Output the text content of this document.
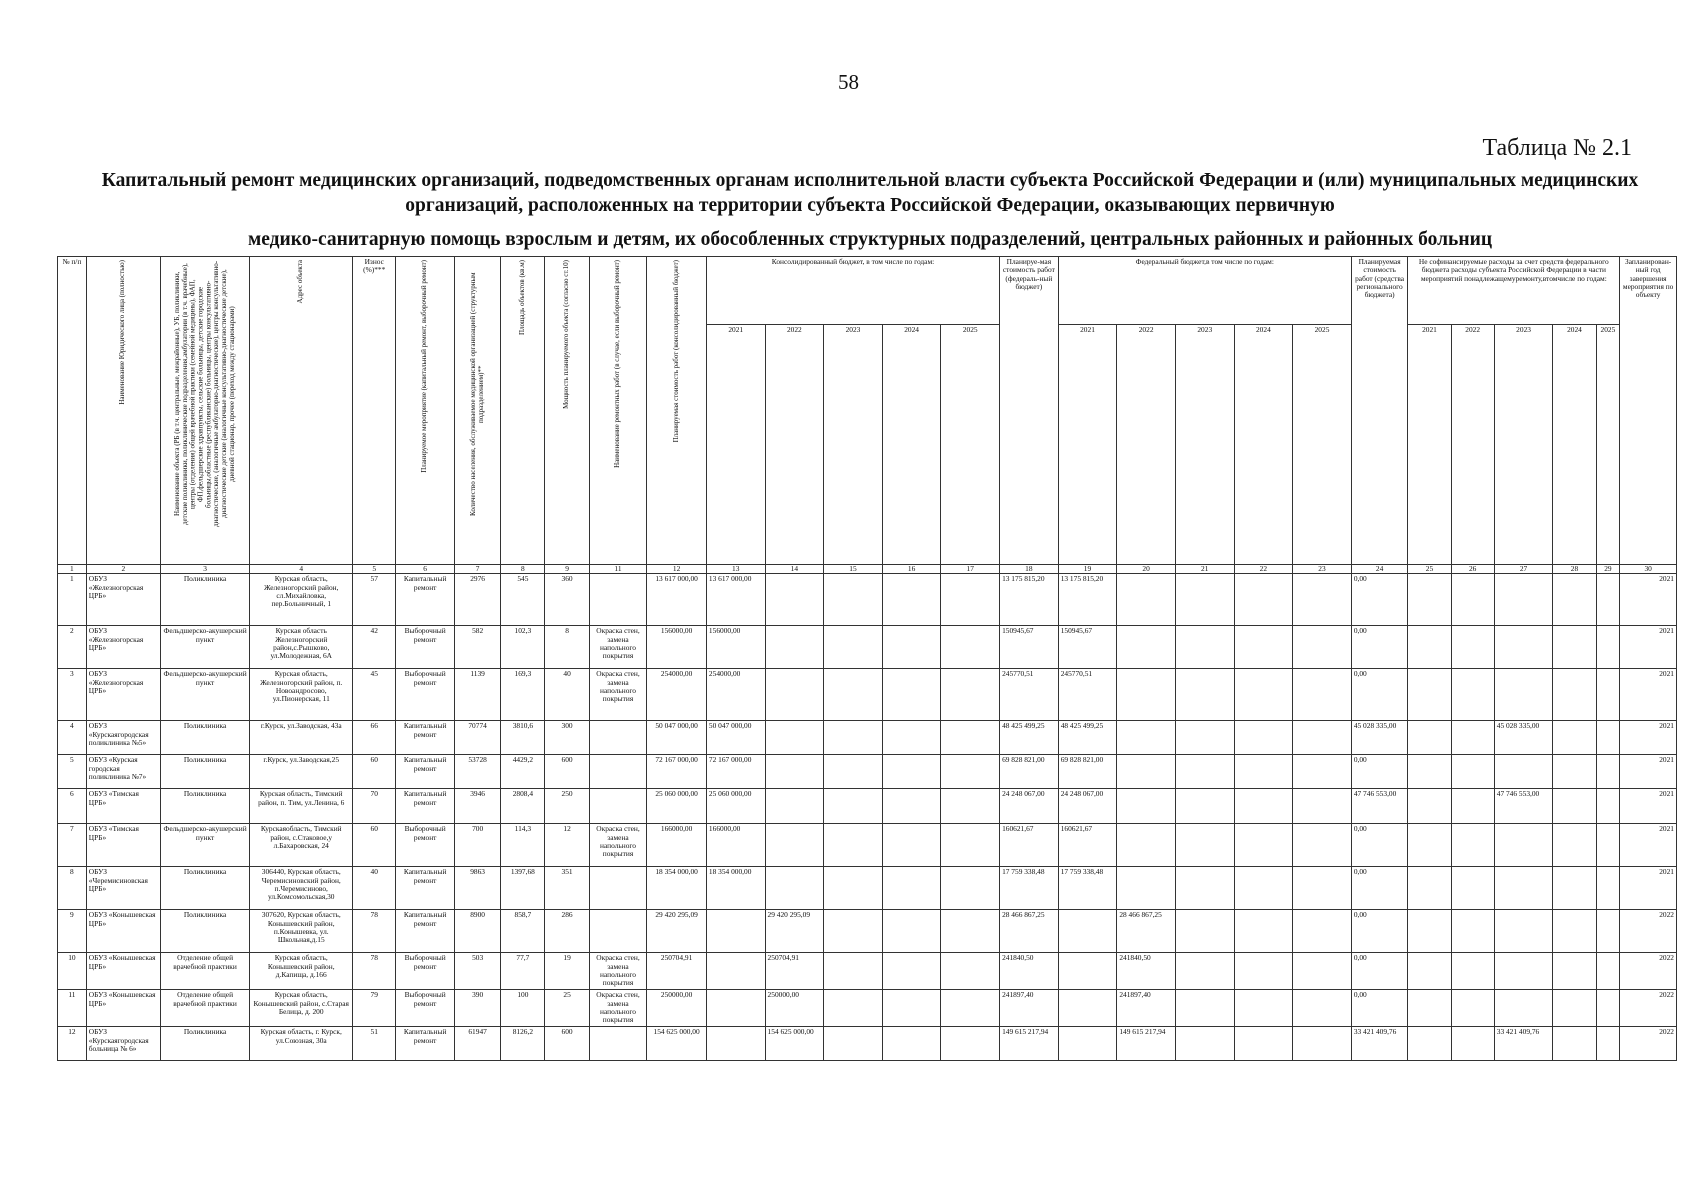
58
Таблица № 2.1
Капитальный ремонт медицинских организаций, подведомственных органам исполнительной власти субъекта Российской Федерации и (или) муниципальных медицинских
организаций, расположенных на территории субъекта Российской Федерации, оказывающих первичную
медико-санитарную помощь взрослым и детям, их обособленных структурных подразделений, центральных районных и районных больниц
№ п/п	Наименование Юридического лица (полностью)	Наименование объекта (РБ (в т.ч. центральные, межрайонные), УБ, поликлиники, детские поликлиники, поликлинические подразделения,амбулатории (в т.ч. врачебные), центры (отделения) общей врачебной практики (семейной медицины), ФАП, ФП,фельдшерские здравпункты, сельские больницы, детские городские больницы,областные (республиканские) больницы, центры консультативно-диагностические, (аналогичные амбулаторно-диагностические), центры консультативно-диагностические детские (аналогичные консультативно-диагностические детские), дневной стационар, прочее (переход между стационарами)	Адрес объекта	Износ (%)***	Планируемое мероприятие (капитальный ремонт, выборочный ремонт)	Количество населения, обслуживаемое медицинской организацией (структурным подразделением)**	Площадь объектов (кв.м)	Мощность планируемого объекта (согласно ст.10)	Наименование ремонтных работ (в случае, если выборочный ремонт)	Планируемая стоимость работ (консолидированный бюджет)	Консолидированный бюджет, в том числе по годам:					Планируе-мая стоимость работ (федераль-ный бюджет)	Федеральный бюджет,в том числе по годам:					Планируемая стоимость работ (средства регионального бюджета)	Не софинансируемые расходы за счет средств федерального бюджета расходы субъекта Российской Федерации в части мероприятий понадлежащемуремонту,втомчисле по годам:					Запланирован-ный год завершения мероприятия по объекту
											2021	2022	2023	2024	2025		2021	2022	2023	2024	2025		2021	2022	2023	2024	2025	
1	2	3	4	5	6	7	8	9	11	12	13	14	15	16	17	18	19	20	21	22	23	24	25	26	27	28	29	30
1	ОБУЗ «Железногорская ЦРБ»	Поликлиника	Курская область, Железногорский район, сл.Михайловка, пер.Больничный, 1	57	Капитальный ремонт	2976	545	360		13 617 000,00	13 617 000,00					13 175 815,20	13 175 815,20					0,00						2021
2	ОБУЗ «Железногорская ЦРБ»	Фельдшерско-акушерский пункт	Курская область Железногорский район,с.Рышково, ул.Молодежная, 6А	42	Выборочный ремонт	582	102,3	8	Окраска стен, замена напольного покрытия	156000,00	156000,00					150945,67	150945,67					0,00						2021
3	ОБУЗ «Железногорская ЦРБ»	Фельдшерско-акушерский пункт	Курская область, Железногорский район, п. Новоандросово, ул.Пионерская, 11	45	Выборочный ремонт	1139	169,3	40	Окраска стен, замена напольного покрытия	254000,00	254000,00					245770,51	245770,51					0,00						2021
4	ОБУЗ «Курскаягородская поликлиника №5»	Поликлиника	г.Курск, ул.Заводская, 43а	66	Капитальный ремонт	70774	3810,6	300		50 047 000,00	50 047 000,00					48 425 499,25	48 425 499,25					45 028 335,00			45 028 335,00			2021
5	ОБУЗ «Курская городская поликлиника №7»	Поликлиника	г.Курск, ул.Заводская,25	60	Капитальный ремонт	53728	4429,2	600		72 167 000,00	72 167 000,00					69 828 821,00	69 828 821,00					0,00						2021
6	ОБУЗ «Тимская ЦРБ»	Поликлиника	Курская область, Тимский район, п. Тим, ул.Ленина, 6	70	Капитальный ремонт	3946	2808,4	250		25 060 000,00	25 060 000,00					24 248 067,00	24 248 067,00					47 746 553,00			47 746 553,00			2021
7	ОБУЗ «Тимская ЦРБ»	Фельдшерско-акушерский пункт	Курскаяобласть, Тимский район, с.Стаковое,у л.Бахаровская, 24	60	Выборочный ремонт	700	114,3	12	Окраска стен, замена напольного покрытия	166000,00	166000,00					160621,67	160621,67					0,00						2021
8	ОБУЗ «Черемисиновская ЦРБ»	Поликлиника	306440, Курская область, Черемисиновский район, п.Черемисиново, ул.Комсомольская,30	40	Капитальный ремонт	9863	1397,68	351		18 354 000,00	18 354 000,00					17 759 338,48	17 759 338,48					0,00						2021
9	ОБУЗ «Конышевская ЦРБ»	Поликлиника	307620, Курская область, Конышевский район, п.Конышевка, ул. Школьная,д.15	78	Капитальный ремонт	8900	858,7	286		29 420 295,09		29 420 295,09				28 466 867,25		28 466 867,25				0,00						2022
10	ОБУЗ «Конышевская ЦРБ»	Отделение общей врачебной практики	Курская область, Конышевский район, д.Капища, д.166	78	Выборочный ремонт	503	77,7	19	Окраска стен, замена напольного покрытия	250704,91		250704,91				241840,50		241840,50				0,00						2022
11	ОБУЗ «Конышевская ЦРБ»	Отделение общей врачебной практики	Курская область, Конышевский район, с.Старая Белица, д. 200	79	Выборочный ремонт	390	100	25	Окраска стен, замена напольного покрытия	250000,00		250000,00				241897,40		241897,40				0,00						2022
12	ОБУЗ «Курскаягородская больница № 6»	Поликлиника	Курская область, г. Курск, ул.Союзная, 30а	51	Капитальный ремонт	61947	8126,2	600		154 625 000,00		154 625 000,00				149 615 217,94		149 615 217,94				33 421 409,76			33 421 409,76			2022
